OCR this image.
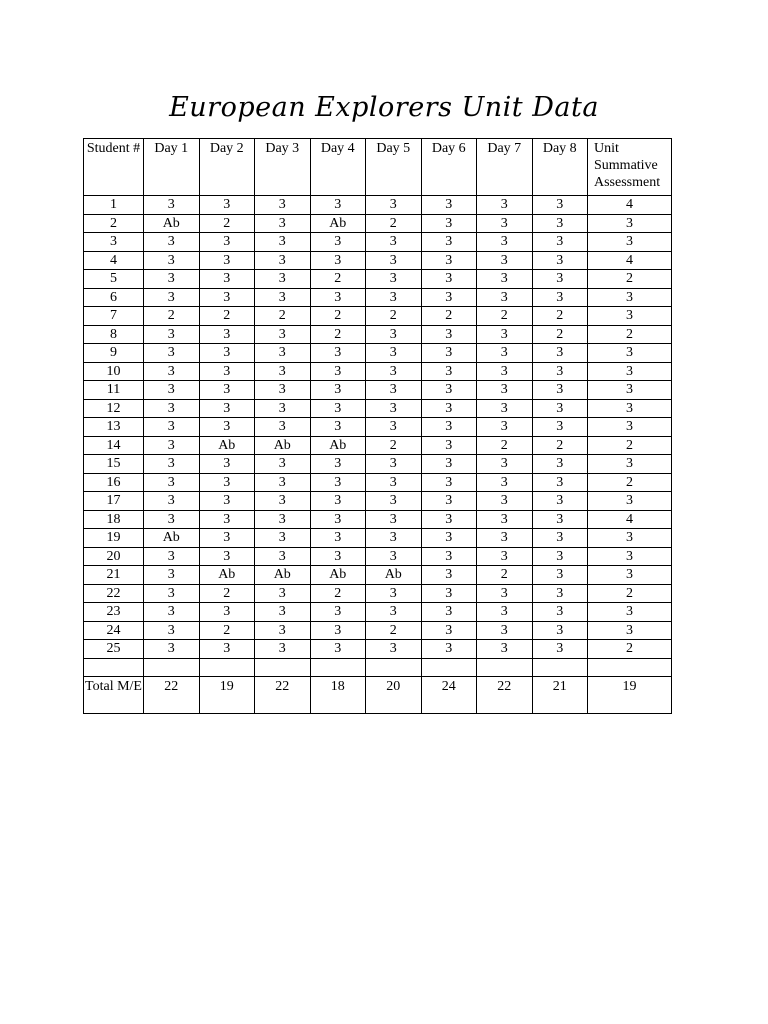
European Explorers Unit Data
Student #	Day 1	Day 2	Day 3	Day 4	Day 5	Day 6	Day 7	Day 8	Unit Summative Assessment
1	3	3	3	3	3	3	3	3	4
2	Ab	2	3	Ab	2	3	3	3	3
3	3	3	3	3	3	3	3	3	3
4	3	3	3	3	3	3	3	3	4
5	3	3	3	2	3	3	3	3	2
6	3	3	3	3	3	3	3	3	3
7	2	2	2	2	2	2	2	2	3
8	3	3	3	2	3	3	3	2	2
9	3	3	3	3	3	3	3	3	3
10	3	3	3	3	3	3	3	3	3
11	3	3	3	3	3	3	3	3	3
12	3	3	3	3	3	3	3	3	3
13	3	3	3	3	3	3	3	3	3
14	3	Ab	Ab	Ab	2	3	2	2	2
15	3	3	3	3	3	3	3	3	3
16	3	3	3	3	3	3	3	3	2
17	3	3	3	3	3	3	3	3	3
18	3	3	3	3	3	3	3	3	4
19	Ab	3	3	3	3	3	3	3	3
20	3	3	3	3	3	3	3	3	3
21	3	Ab	Ab	Ab	Ab	3	2	3	3
22	3	2	3	2	3	3	3	3	2
23	3	3	3	3	3	3	3	3	3
24	3	2	3	3	2	3	3	3	3
25	3	3	3	3	3	3	3	3	2

Total M/E	22	19	22	18	20	24	22	21	19
